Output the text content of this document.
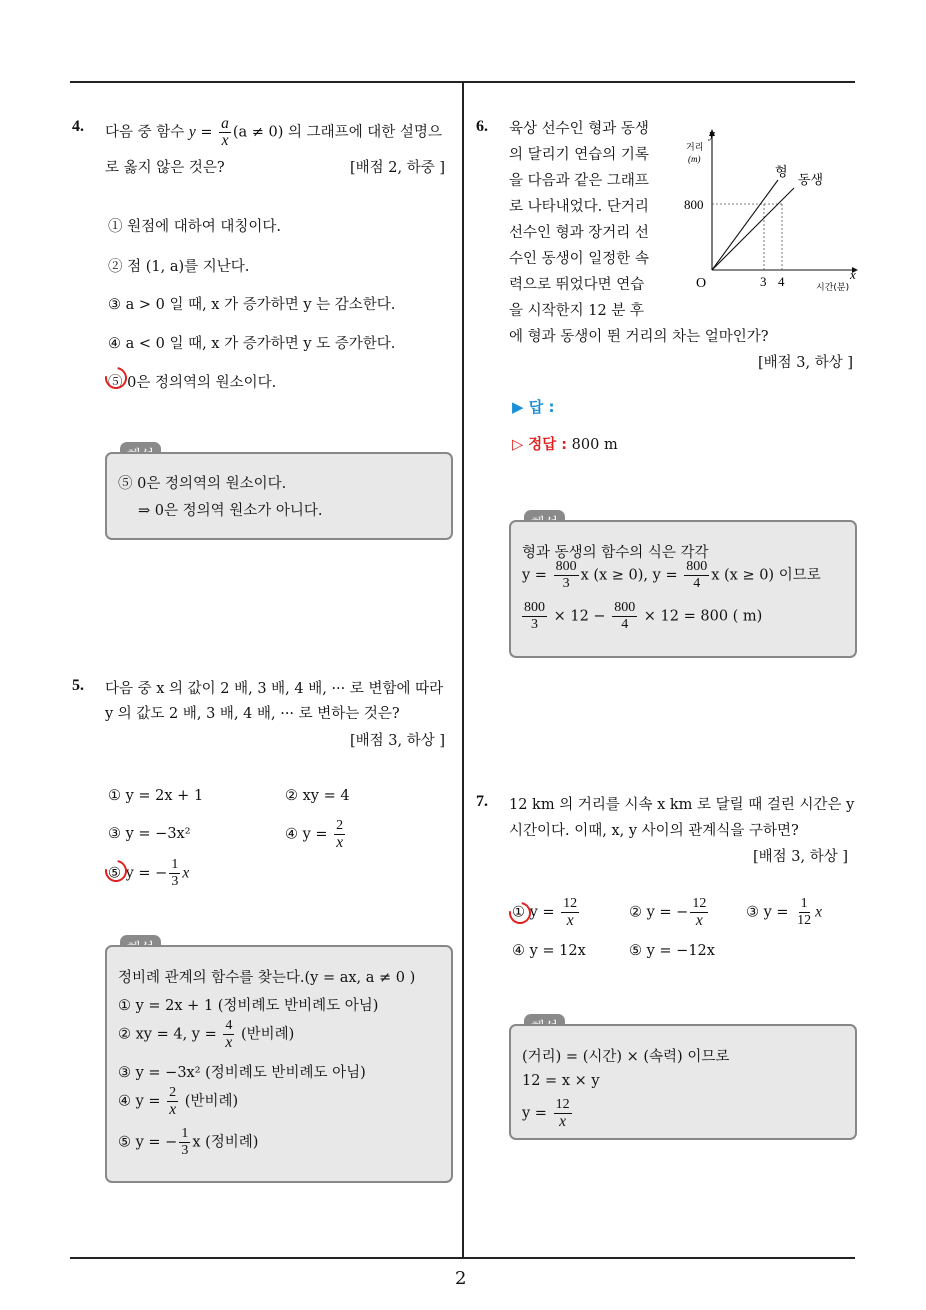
2
4. 다음 중 함수 $y = \frac{a}{x} (a \ne 0)$ 의 그래프에 대한 설명으
로 옳지 않은 것은?	[배점 2, 하중 ]
① 원점에 대하여 대칭이다.
② 점 (1, a)를 지난다.
③ a > 0 일 때, x 가 증가하면 y 는 감소한다.
④ a < 0 일 때, x 가 증가하면 y 도 증가한다.
⑤ 0은 정의역의 원소이다.
⑤ 0은 정의역의 원소이다.
⇒ 0은 정의역 원소가 아니다.
5. 다음 중 x 의 값이 2 배, 3 배, 4 배, ··· 로 변함에 따라
y 의 값도 2 배, 3 배, 4 배, ··· 로 변하는 것은?
[배점 3, 하상 ]
① y = 2x + 1	② xy = 4
③ y = −3x²	④ $y = \frac{2}{x}$
⑤ y = − $\frac{1}{3}$ x
정비례 관계의 함수를 찾는다.(y = ax, a ≠ 0 )
① y = 2x + 1 (정비례도 반비례도 아님)
② xy = 4, $y = \frac{4}{x}$ (반비례)
③ y = −3x² (정비례도 반비례도 아님)
④ $y = \frac{2}{x}$ (반비례)
⑤ y = − $\frac{1}{3}$ x (정비례)
6. 육상 선수인 형과 동생
의 달리기 연습의 기록
을 다음과 같은 그래프
로 나타내었다. 단거리
선수인 형과 장거리 선
수인 동생이 일정한 속
력으로 뛰었다면 연습
을 시작한지 12 분 후
에 형과 동생이 뛴 거리의 차는 얼마인가?
[배점 3, 하상 ]
y
거리
(m)
x
시간(분)
O
800
3 4
형
동생
▶ 답 :
▷ 정답 : 800 m
형과 동생의 함수의 식은 각각
$y = \frac{800}{3}$ x (x ≥ 0), $y = \frac{800}{4}$ x (x ≥ 0) 이므로
$\frac{800}{3} \times 12 - \frac{800}{4} \times 12 = 800$ ( m)
7. 12 km 의 거리를 시속 x km 로 달릴 때 걸린 시간은 y
시간이다. 이때, x, y 사이의 관계식을 구하면?
[배점 3, 하상 ]
① $y = \frac{12}{x}$	② y = − $\frac{12}{x}$	③ $y = \frac{1}{12}$ x
④ y = 12x	⑤ y = −12x
(거리) = (시간) × (속력) 이므로
12 = x × y
$y = \frac{12}{x}$
